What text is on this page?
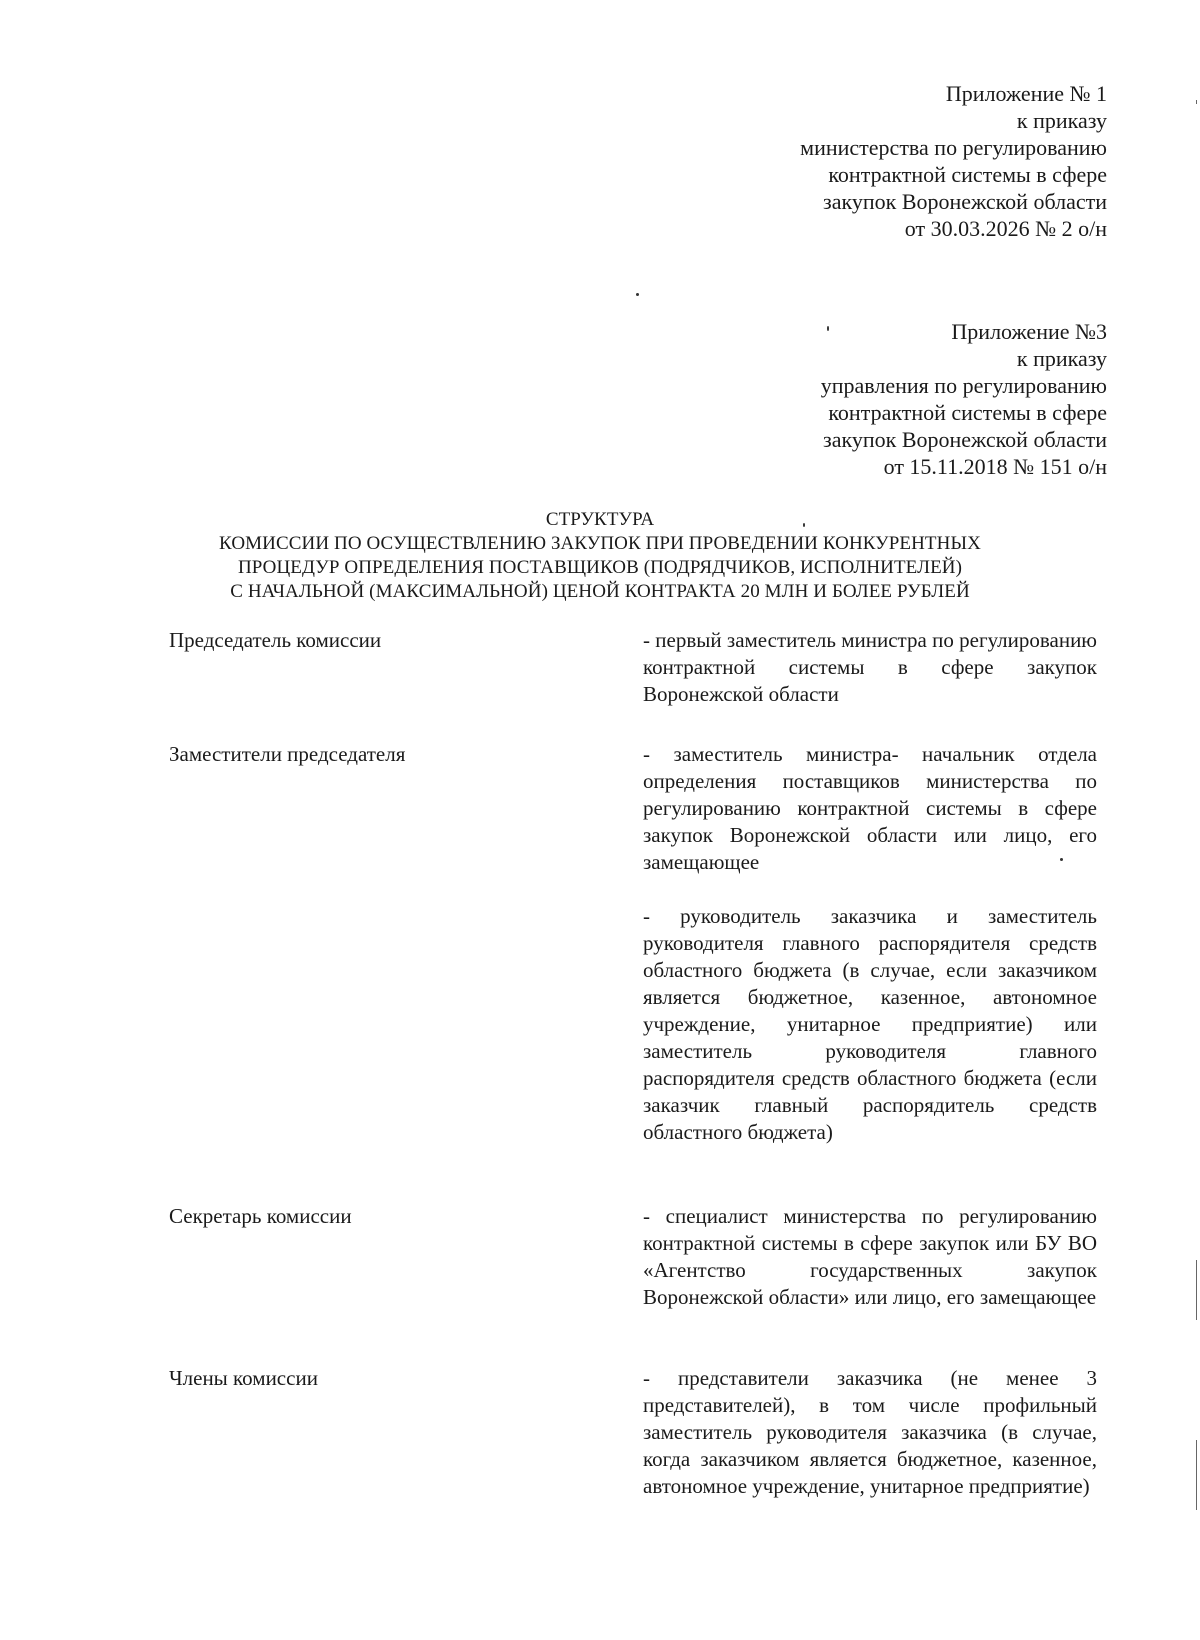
Приложение № 1
к приказу
министерства по регулированию
контрактной системы в сфере
закупок Воронежской области
от 30.03.2026 № 2 о/н
Приложение №3
к приказу
управления по регулированию
контрактной системы в сфере
закупок Воронежской области
от 15.11.2018 № 151 о/н
СТРУКТУРА
КОМИССИИ ПО ОСУЩЕСТВЛЕНИЮ ЗАКУПОК ПРИ ПРОВЕДЕНИИ КОНКУРЕНТНЫХ
ПРОЦЕДУР ОПРЕДЕЛЕНИЯ ПОСТАВЩИКОВ (ПОДРЯДЧИКОВ, ИСПОЛНИТЕЛЕЙ)
С НАЧАЛЬНОЙ (МАКСИМАЛЬНОЙ) ЦЕНОЙ КОНТРАКТА 20 МЛН И БОЛЕЕ РУБЛЕЙ
Председатель комиссии	- первый заместитель министра по регулированию контрактной системы в сфере закупок Воронежской области
Заместители председателя	- заместитель министра- начальник отдела определения поставщиков министерства по регулированию контрактной системы в сфере закупок Воронежской области или лицо, его замещающее
- руководитель заказчика и заместитель руководителя главного распорядителя средств областного бюджета (в случае, если заказчиком является бюджетное, казенное, автономное учреждение, унитарное предприятие) или заместитель руководителя главного распорядителя средств областного бюджета (если заказчик главный распорядитель средств областного бюджета)
Секретарь комиссии	- специалист министерства по регулированию контрактной системы в сфере закупок или БУ ВО «Агентство государственных закупок Воронежской области» или лицо, его замещающее
Члены комиссии	- представители заказчика (не менее 3 представителей), в том числе профильный заместитель руководителя заказчика (в случае, когда заказчиком является бюджетное, казенное, автономное учреждение, унитарное предприятие)
